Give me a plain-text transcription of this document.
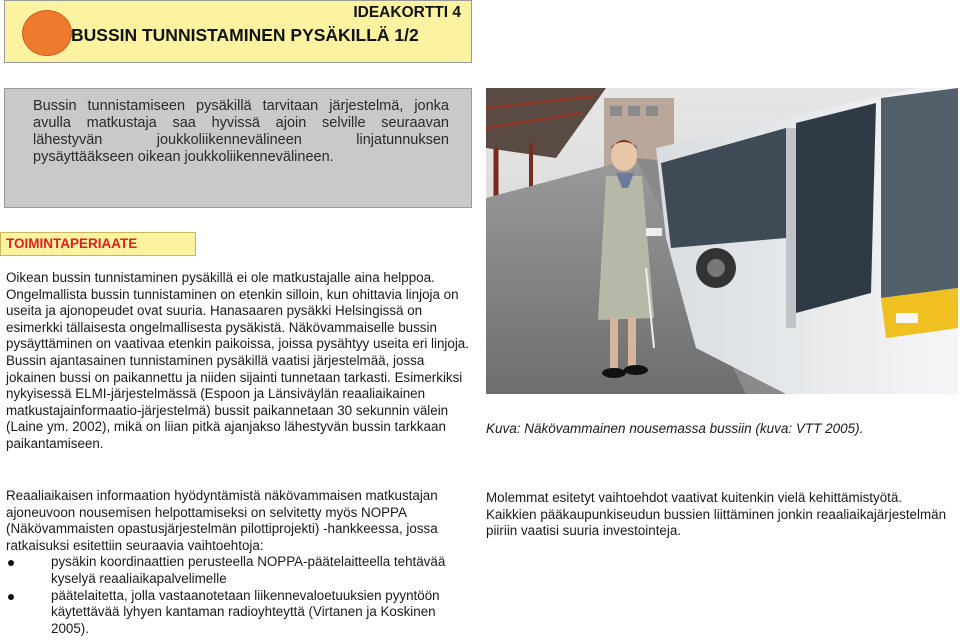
IDEAKORTTI 4
BUSSIN TUNNISTAMINEN PYSÄKILLÄ 1/2

Bussin tunnistamiseen pysäkillä tarvitaan järjestelmä, jonka avulla matkustaja saa hyvissä ajoin selville seuraavan lähestyvän joukkoliikennevälineen linjatunnuksen pysäyttääkseen oikean joukkoliikennevälineen.

TOIMINTAPERIAATE

Oikean bussin tunnistaminen pysäkillä ei ole matkustajalle aina helppoa. Ongelmallista bussin tunnistaminen on etenkin silloin, kun ohittavia linjoja on useita ja ajonopeudet ovat suuria. Hanasaaren pysäkki Helsingissä on esimerkki tällaisesta ongelmallisesta pysäkistä. Näkövammaiselle bussin pysäyttäminen on vaativaa etenkin paikoissa, joissa pysähtyy useita eri linjoja. Bussin ajantasainen tunnistaminen pysäkillä vaatisi järjestelmää, jossa jokainen bussi on paikannettu ja niiden sijainti tunnetaan tarkasti. Esimerkiksi nykyisessä ELMI-järjestelmässä (Espoon ja Länsiväylän reaaliaikainen matkustajainformaatio-järjestelmä) bussit paikannetaan 30 sekunnin välein (Laine ym. 2002), mikä on liian pitkä ajanjakso lähestyvän bussin tarkkaan paikantamiseen.

Reaaliaikaisen informaation hyödyntämistä näkövammaisen matkustajan ajoneuvoon nousemisen helpottamiseksi on selvitetty myös NOPPA (Näkövammaisten opastusjärjestelmän pilottiprojekti) -hankkeessa, jossa ratkaisuksi esitettiin seuraavia vaihtoehtoja:

pysäkin koordinaattien perusteella NOPPA-päätelaitteella tehtävää kyselyä reaaliaikapalvelimelle
päätelaitetta, jolla vastaanotetaan liikennevaloetuuksien pyyntöön käytettävää lyhyen kantaman radioyhteyttä (Virtanen ja Koskinen 2005).
Kuva: Näkövammainen nousemassa bussiin (kuva: VTT 2005).

Molemmat esitetyt vaihtoehdot vaativat kuitenkin vielä kehittämistyötä. Kaikkien pääkaupunkiseudun bussien liittäminen jonkin reaaliaikajärjestelmän piiriin vaatisi suuria investointeja.
